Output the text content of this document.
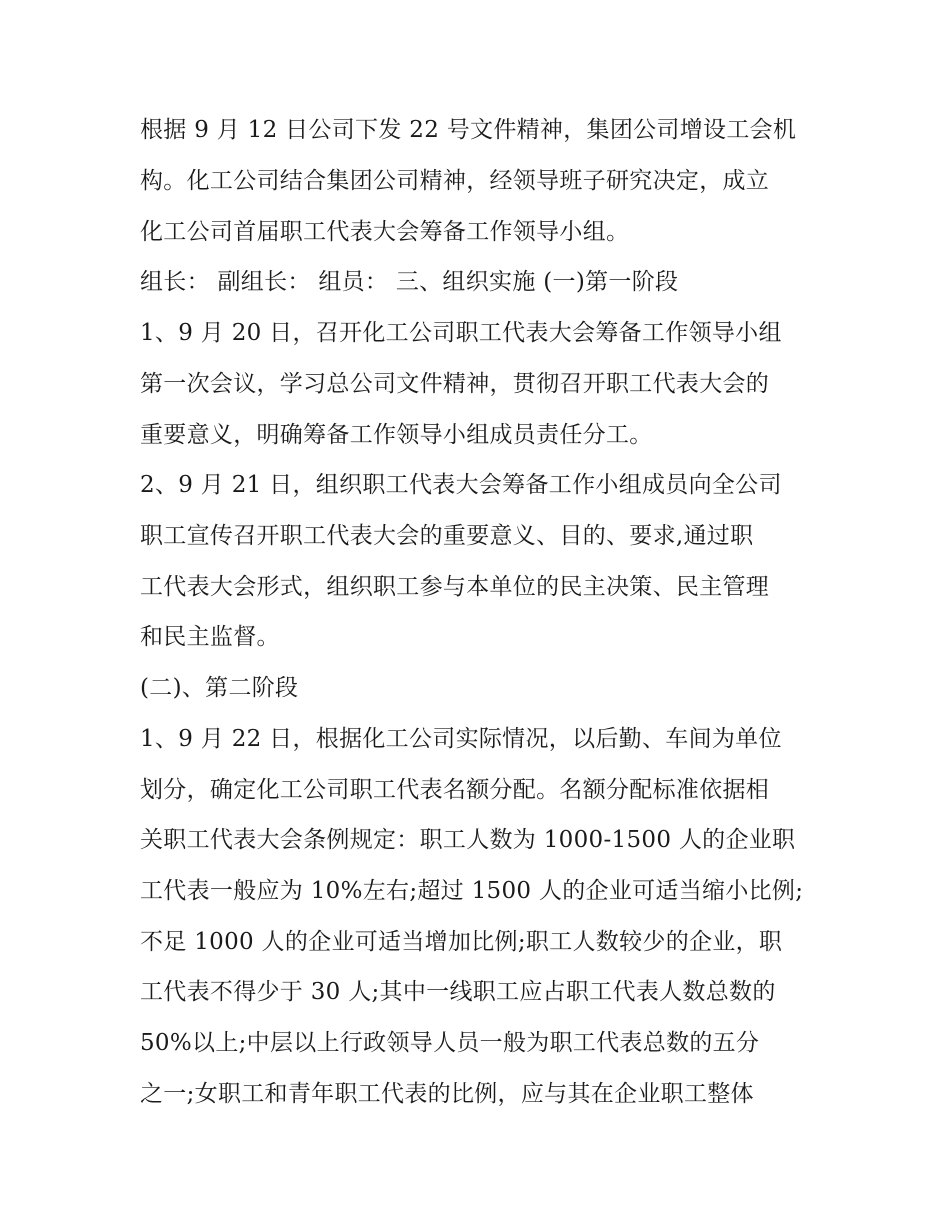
根据 9 月 12 日公司下发 22 号文件精神，集团公司增设工会机
构。化工公司结合集团公司精神，经领导班子研究决定，成立
化工公司首届职工代表大会筹备工作领导小组。
组长： 副组长： 组员： 三、组织实施 (一)第一阶段
1、9 月 20 日，召开化工公司职工代表大会筹备工作领导小组
第一次会议，学习总公司文件精神，贯彻召开职工代表大会的
重要意义，明确筹备工作领导小组成员责任分工。
2、9 月 21 日，组织职工代表大会筹备工作小组成员向全公司
职工宣传召开职工代表大会的重要意义、目的、要求,通过职
工代表大会形式，组织职工参与本单位的民主决策、民主管理
和民主监督。
(二)、第二阶段
1、9 月 22 日，根据化工公司实际情况，以后勤、车间为单位
划分，确定化工公司职工代表名额分配。名额分配标准依据相
关职工代表大会条例规定：职工人数为 1000-1500 人的企业职
工代表一般应为 10%左右;超过 1500 人的企业可适当缩小比例;
不足 1000 人的企业可适当增加比例;职工人数较少的企业，职
工代表不得少于 30 人;其中一线职工应占职工代表人数总数的
50%以上;中层以上行政领导人员一般为职工代表总数的五分
之一;女职工和青年职工代表的比例，应与其在企业职工整体
